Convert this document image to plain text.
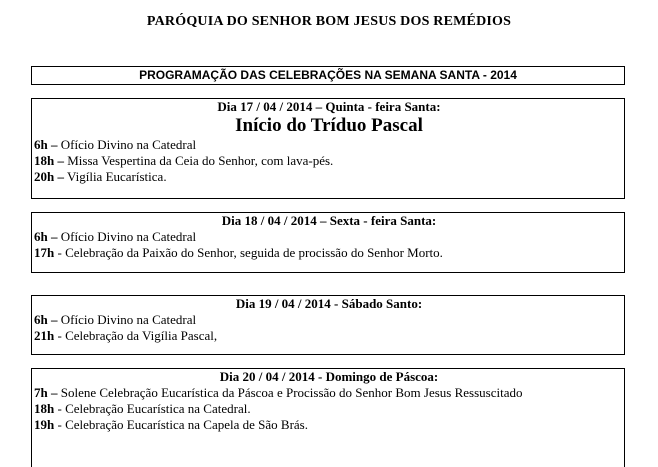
PARÓQUIA DO SENHOR BOM JESUS DOS REMÉDIOS
PROGRAMAÇÃO DAS CELEBRAÇÕES NA SEMANA SANTA - 2014
Dia 17 / 04 / 2014 – Quinta - feira Santa:
Início do Tríduo Pascal
6h – Ofício Divino na Catedral
18h – Missa Vespertina da Ceia do Senhor, com lava-pés.
20h – Vigília Eucarística.
Dia 18 / 04 / 2014 – Sexta - feira Santa:
6h – Ofício Divino na Catedral
17h - Celebração da Paixão do Senhor, seguida de procissão do Senhor Morto.
Dia 19 / 04 / 2014 - Sábado Santo:
6h – Ofício Divino na Catedral
21h - Celebração da Vigília Pascal,
Dia 20 / 04 / 2014 - Domingo de Páscoa:
7h – Solene Celebração Eucarística da Páscoa e Procissão do Senhor Bom Jesus Ressuscitado
18h - Celebração Eucarística na Catedral.
19h - Celebração Eucarística na Capela de São Brás.
